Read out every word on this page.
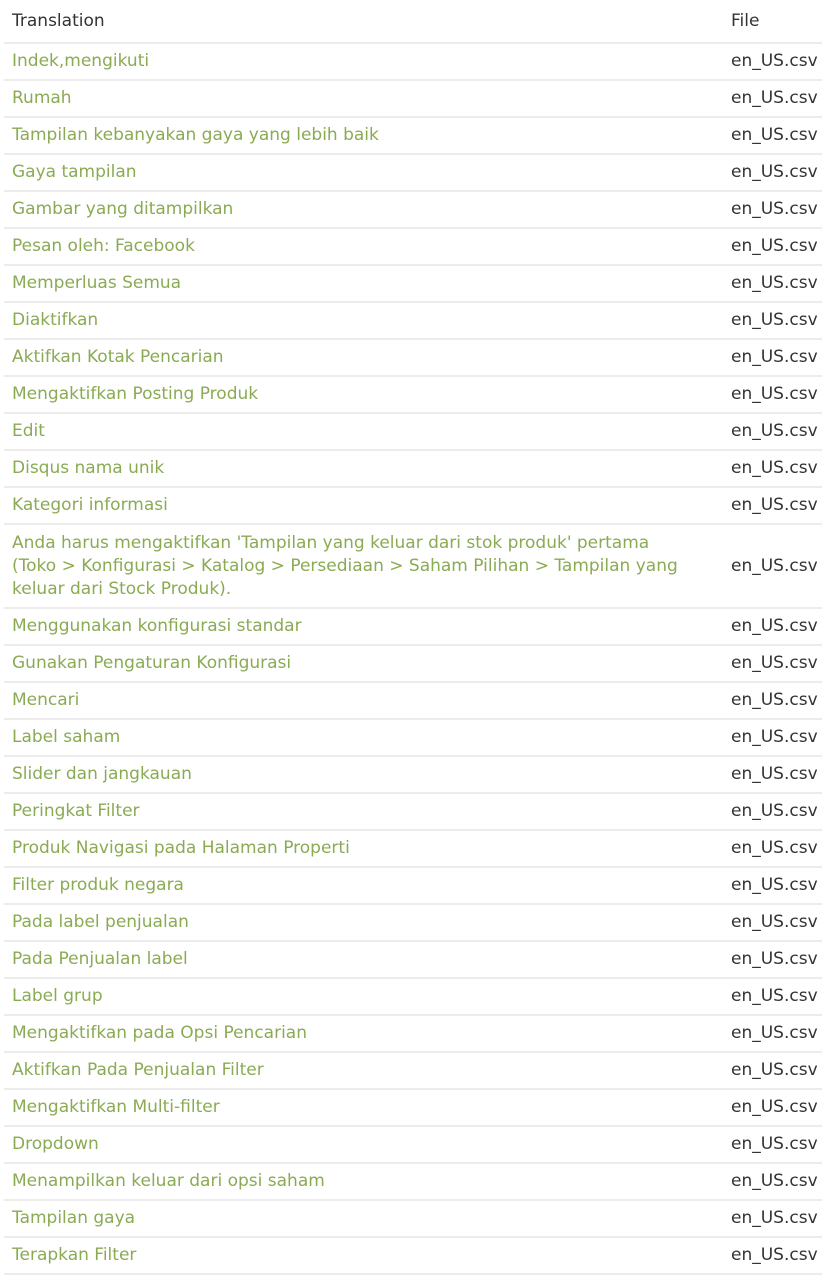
Translation	File
Indek,mengikuti	en_US.csv
Rumah	en_US.csv
Tampilan kebanyakan gaya yang lebih baik	en_US.csv
Gaya tampilan	en_US.csv
Gambar yang ditampilkan	en_US.csv
Pesan oleh: Facebook	en_US.csv
Memperluas Semua	en_US.csv
Diaktifkan	en_US.csv
Aktifkan Kotak Pencarian	en_US.csv
Mengaktifkan Posting Produk	en_US.csv
Edit	en_US.csv
Disqus nama unik	en_US.csv
Kategori informasi	en_US.csv
Anda harus mengaktifkan 'Tampilan yang keluar dari stok produk' pertama (Toko > Konfigurasi > Katalog > Persediaan > Saham Pilihan > Tampilan yang keluar dari Stock Produk).	en_US.csv
Menggunakan konfigurasi standar	en_US.csv
Gunakan Pengaturan Konfigurasi	en_US.csv
Mencari	en_US.csv
Label saham	en_US.csv
Slider dan jangkauan	en_US.csv
Peringkat Filter	en_US.csv
Produk Navigasi pada Halaman Properti	en_US.csv
Filter produk negara	en_US.csv
Pada label penjualan	en_US.csv
Pada Penjualan label	en_US.csv
Label grup	en_US.csv
Mengaktifkan pada Opsi Pencarian	en_US.csv
Aktifkan Pada Penjualan Filter	en_US.csv
Mengaktifkan Multi-filter	en_US.csv
Dropdown	en_US.csv
Menampilkan keluar dari opsi saham	en_US.csv
Tampilan gaya	en_US.csv
Terapkan Filter	en_US.csv
